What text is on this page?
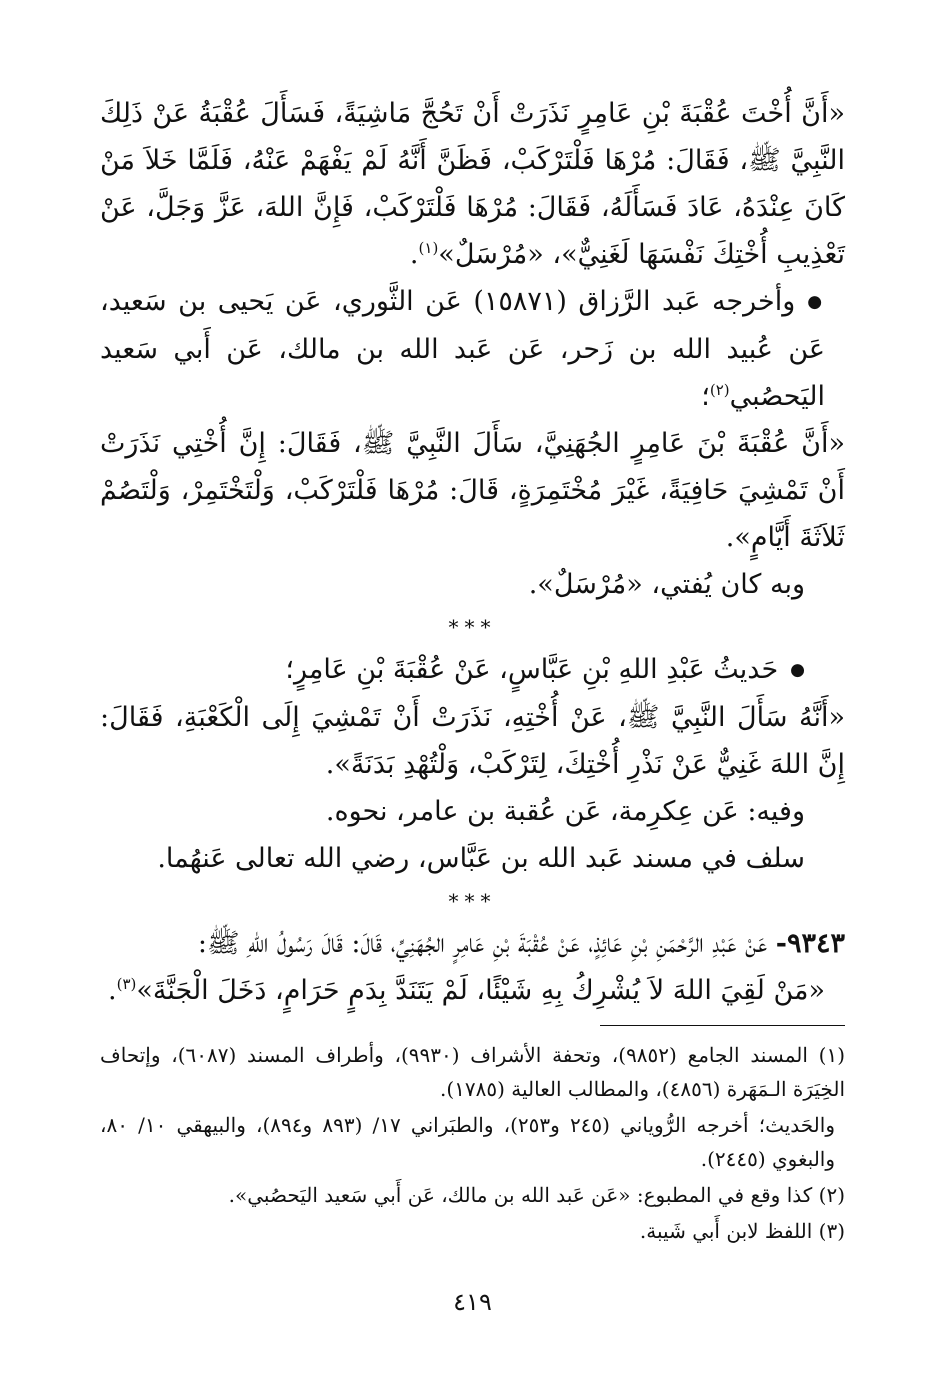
«أَنَّ أُخْتَ عُقْبَةَ بْنِ عَامِرٍ نَذَرَتْ أَنْ تَحُجَّ مَاشِيَةً، فَسَأَلَ عُقْبَةُ عَنْ ذَلِكَ النَّبِيَّ ﷺ، فَقَالَ: مُرْهَا فَلْتَرْكَبْ، فَظَنَّ أَنَّهُ لَمْ يَفْهَمْ عَنْهُ، فَلَمَّا خَلاَ مَنْ كَانَ عِنْدَهُ، عَادَ فَسَأَلَهُ، فَقَالَ: مُرْهَا فَلْتَرْكَبْ، فَإِنَّ اللهَ، عَزَّ وَجَلَّ، عَنْ تَعْذِيبِ أُخْتِكَ نَفْسَهَا لَغَنِيٌّ»، «مُرْسَلٌ»$^{(١)}$.

● وأخرجه عَبد الرَّزاق (١٥٨٧١) عَن الثَّوري، عَن يَحيى بن سَعيد، عَن عُبيد الله بن زَحر، عَن عَبد الله بن مالك، عَن أَبي سَعيد اليَحصُبي$^{(٢)}$؛

«أَنَّ عُقْبَةَ بْنَ عَامِرٍ الجُهَنِيَّ، سَأَلَ النَّبِيَّ ﷺ، فَقَالَ: إِنَّ أُخْتِي نَذَرَتْ أَنْ تَمْشِيَ حَافِيَةً، غَيْرَ مُخْتَمِرَةٍ، قَالَ: مُرْهَا فَلْتَرْكَبْ، وَلْتَخْتَمِرْ، وَلْتَصُمْ ثَلاَثَةَ أَيَّامٍ».

وبه كان يُفتي، «مُرْسَلٌ».

***

● حَديثُ عَبْدِ اللهِ بْنِ عَبَّاسٍ، عَنْ عُقْبَةَ بْنِ عَامِرٍ؛

«أَنَّهُ سَأَلَ النَّبِيَّ ﷺ، عَنْ أُخْتِهِ، نَذَرَتْ أَنْ تَمْشِيَ إِلَى الْكَعْبَةِ، فَقَالَ: إِنَّ اللهَ غَنِيٌّ عَنْ نَذْرِ أُخْتِكَ، لِتَرْكَبْ، وَلْتُهْدِ بَدَنَةً».

وفيه: عَن عِكرِمة، عَن عُقبة بن عامر، نحوه.

سلف في مسند عَبد الله بن عَبَّاس، رضي الله تعالى عَنهُما.

***

٩٣٤٣- عَنْ عَبْدِ الرَّحْمَنِ بْنِ عَائِذٍ، عَنْ عُقْبَةَ بْنِ عَامِرٍ الجُهَنِيِّ، قَالَ: قَالَ رَسُولُ اللهِ ﷺ:

«مَنْ لَقِيَ اللهَ لاَ يُشْرِكُ بِهِ شَيْئًا، لَمْ يَتَنَدَّ بِدَمٍ حَرَامٍ، دَخَلَ الْجَنَّةَ»$^{(٣)}$.

(١) المسند الجامع (٩٨٥٢)، وتحفة الأشراف (٩٩٣٠)، وأطراف المسند (٦٠٨٧)، وإتحاف الخِيَرَة الـمَهَرة (٤٨٥٦)، والمطالب العالية (١٧٨٥).

والحَديث؛ أخرجه الرُّوياني (٢٤٥ و٢٥٣)، والطبَراني ١٧/ (٨٩٣ و٨٩٤)، والبيهقي ١٠/ ٨٠، والبغوي (٢٤٤٥).

(٢) كذا وقع في المطبوع: «عَن عَبد الله بن مالك، عَن أَبي سَعيد اليَحصُبي».

(٣) اللفظ لابن أَبي شَيبة.

٤١٩
